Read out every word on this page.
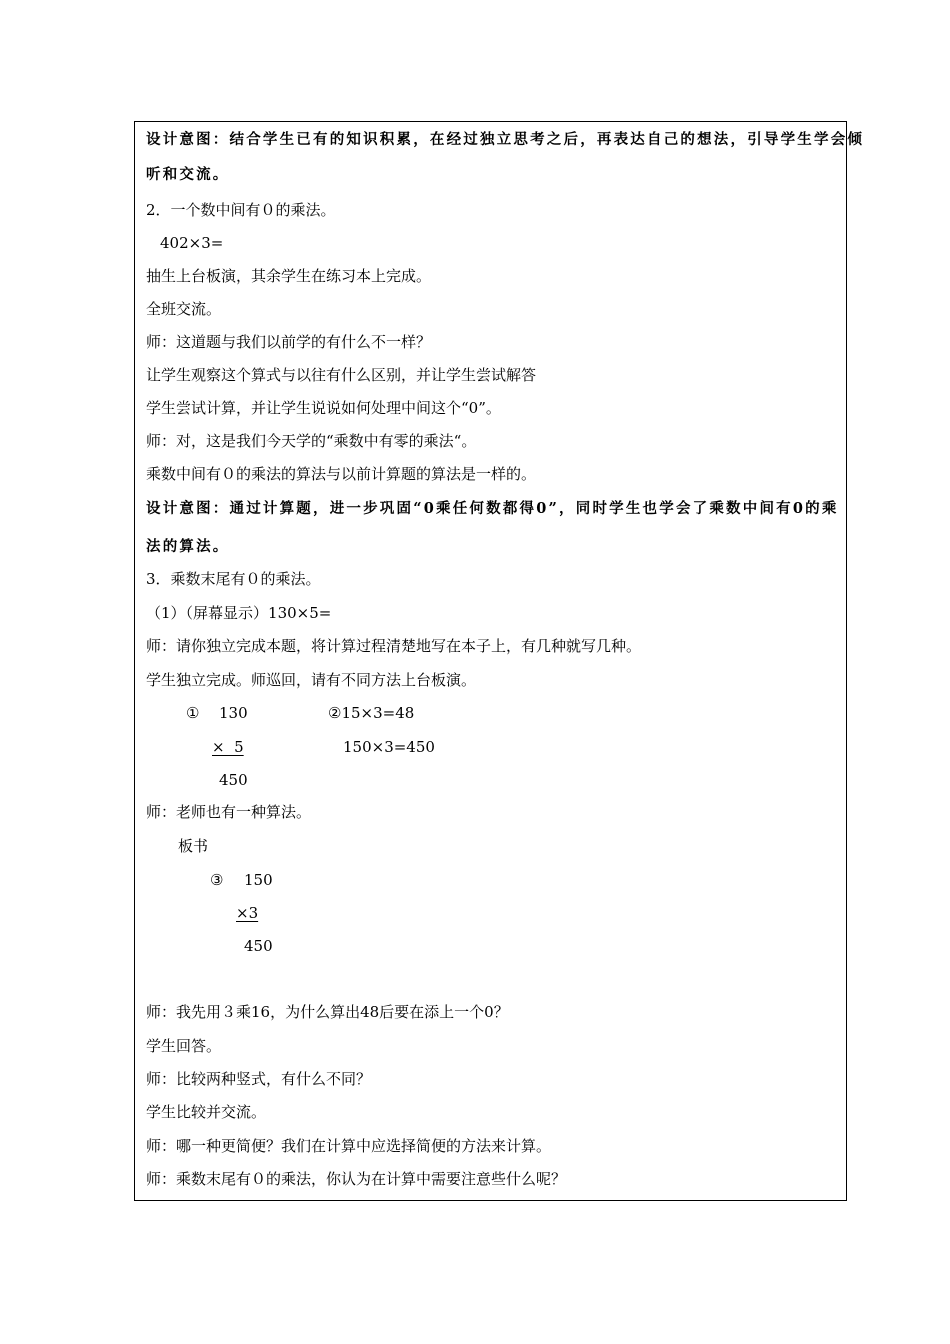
设计意图：结合学生已有的知识积累，在经过独立思考之后，再表达自己的想法，引导学生学会倾
听和交流。
2．一个数中间有０的乘法。
402×3=
抽生上台板演，其余学生在练习本上完成。
全班交流。
师：这道题与我们以前学的有什么不一样？
让学生观察这个算式与以往有什么区别，并让学生尝试解答
学生尝试计算，并让学生说说如何处理中间这个“0”。
师：对，这是我们今天学的“乘数中有零的乘法“。
乘数中间有０的乘法的算法与以前计算题的算法是一样的。
设计意图：通过计算题，进一步巩固“0乘任何数都得0”，同时学生也学会了乘数中间有0的乘
法的算法。
3．乘数末尾有０的乘法。
（1）（屏幕显示）130×5=
师：请你独立完成本题，将计算过程清楚地写在本子上，有几种就写几种。
学生独立完成。师巡回，请有不同方法上台板演。
① 130
×  5
450
②15×3=48
150×3=450
师：老师也有一种算法。
板书
③ 150
×3
450
师：我先用３乘16，为什么算出48后要在添上一个0？
学生回答。
师：比较两种竖式，有什么不同？
学生比较并交流。
师：哪一种更简便？我们在计算中应选择简便的方法来计算。
师：乘数末尾有０的乘法，你认为在计算中需要注意些什么呢？
